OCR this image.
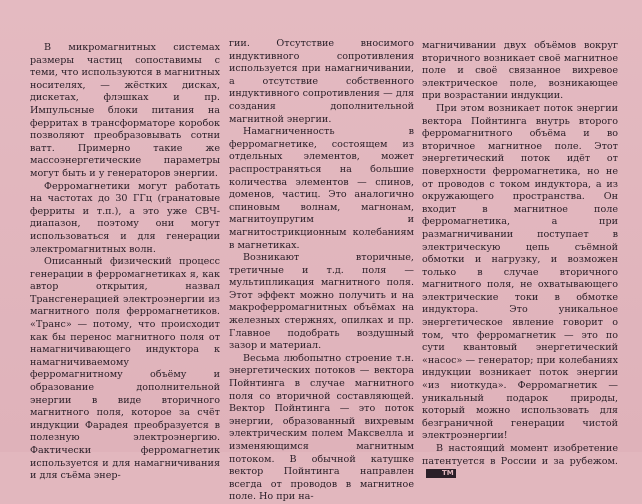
В микромагнитных системах размеры частиц сопоставимы с теми, что используются в магнитных носителях, — жёстких дисках, дискетах, флэшках и пр. Импульсные блоки питания на ферритах в трансформаторе коробок позволяют преобразовывать сотни ватт. Примерно такие же массоэнергетические параметры могут быть и у генераторов энергии.

Ферромагнетики могут работать на частотах до 30 ГГц (гранатовые ферриты и т.п.), а это уже СВЧ-диапазон, поэтому они могут использоваться и для генерации электромагнитных волн.

Описанный физический процесс генерации в ферромагнетиках я, как автор открытия, назвал Трансгенерацией электроэнергии из магнитного поля ферромагнетиков. «Транс» — потому, что происходит как бы перенос магнитного поля от намагничивающего индуктора к намагничиваемому ферромагнитному объёму и образование дополнительной энергии в виде вторичного магнитного поля, которое за счёт индукции Фарадея преобразуется в полезную электроэнергию. Фактически ферромагнетик используется и для намагничивания и для съёма энер-

гии. Отсутствие вносимого индуктивного сопротивления используется при намагничивании, а отсутствие собственного индуктивного сопротивления — для создания дополнительной магнитной энергии.

Намагниченность в ферромагнетике, состоящем из отдельных элементов, может распространяться на большие количества элементов — спинов, доменов, частиц. Это аналогично спиновым волнам, магнонам, магнитоупругим и магнитострикционным колебаниям в магнетиках.

Возникают вторичные, третичные и т.д. поля — мультипликация магнитного поля. Этот эффект можно получить и на макроферромагнитных объёмах на железных стержнях, опилках и пр. Главное подобрать воздушный зазор и материал.

Весьма любопытно строение т.н. энергетических потоков — вектора Пойнтинга в случае магнитного поля со вторичной составляющей. Вектор Пойнтинга — это поток энергии, образованный вихревым электрическим полем Максвелла и изменяющимся магнитным потоком. В обычной катушке вектор Пойнтинга направлен всегда от проводов в магнитное поле. Но при на-

магничивании двух объёмов вокруг вторичного возникает своё магнитное поле и своё связанное вихревое электрическое поле, возникающее при возрастании индукции.

При этом возникает поток энергии вектора Пойнтинга внутрь второго ферромагнитного объёма и во вторичное магнитное поле. Этот энергетический поток идёт от поверхности ферромагнетика, но не от проводов с током индуктора, а из окружающего пространства. Он входит в магнитное поле ферромагнетика, а при размагничивании поступает в электрическую цепь съёмной обмотки и нагрузку, и возможен только в случае вторичного магнитного поля, не охватывающего электрические токи в обмотке индуктора. Это уникальное энергетическое явление говорит о том, что ферромагнетик — это по сути квантовый энергетический «насос» — генератор; при колебаниях индукции возникает поток энергии «из ниоткуда». Ферромагнетик — уникальный подарок природы, который можно использовать для безграничной генерации чистой электроэнергии!

В настоящий момент изобретение патентуется в России и за рубежом.TM
